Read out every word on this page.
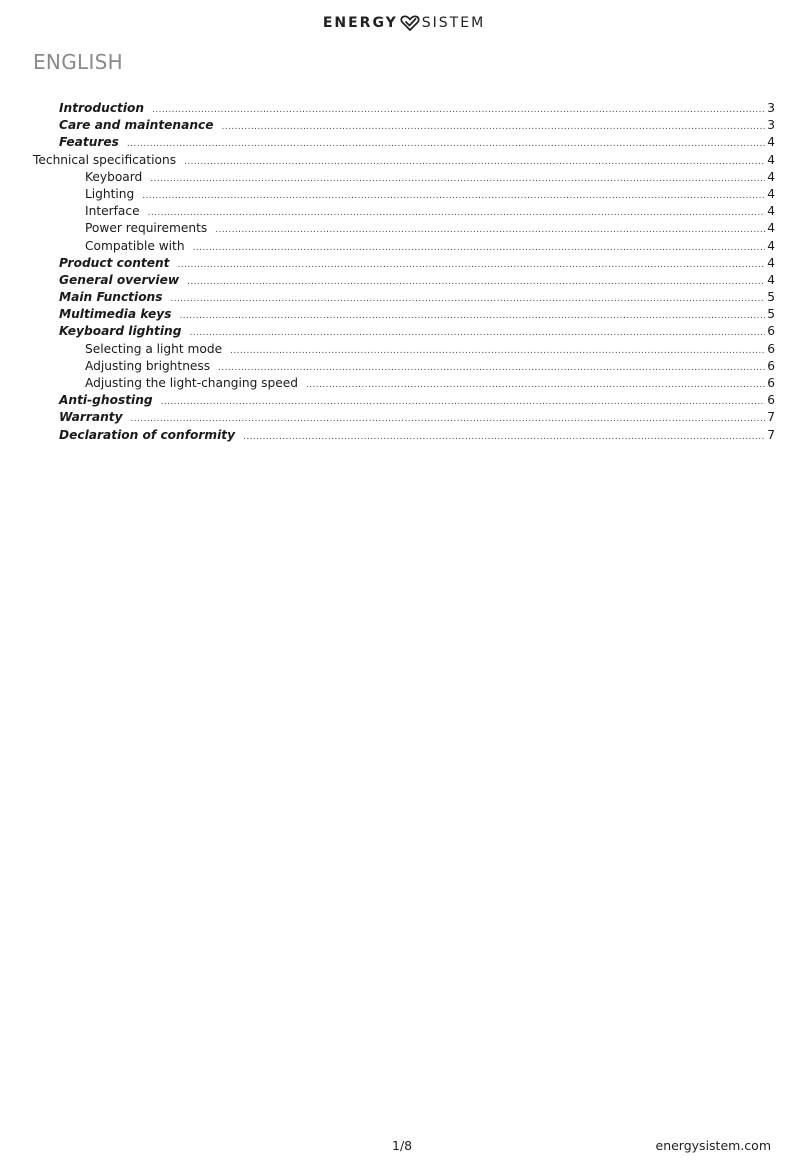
ENERGY SISTEM
ENGLISH
Introduction .....	3
Care and maintenance .....	3
Features .....	4
Technical specifications .....	4
Keyboard .....	4
Lighting .....	4
Interface .....	4
Power requirements .....	4
Compatible with .....	4
Product content .....	4
General overview .....	4
Main Functions .....	5
Multimedia keys .....	5
Keyboard lighting .....	6
Selecting a light mode .....	6
Adjusting brightness .....	6
Adjusting the light-changing speed .....	6
Anti-ghosting .....	6
Warranty .....	7
Declaration of conformity .....	7
1/8	energysistem.com
